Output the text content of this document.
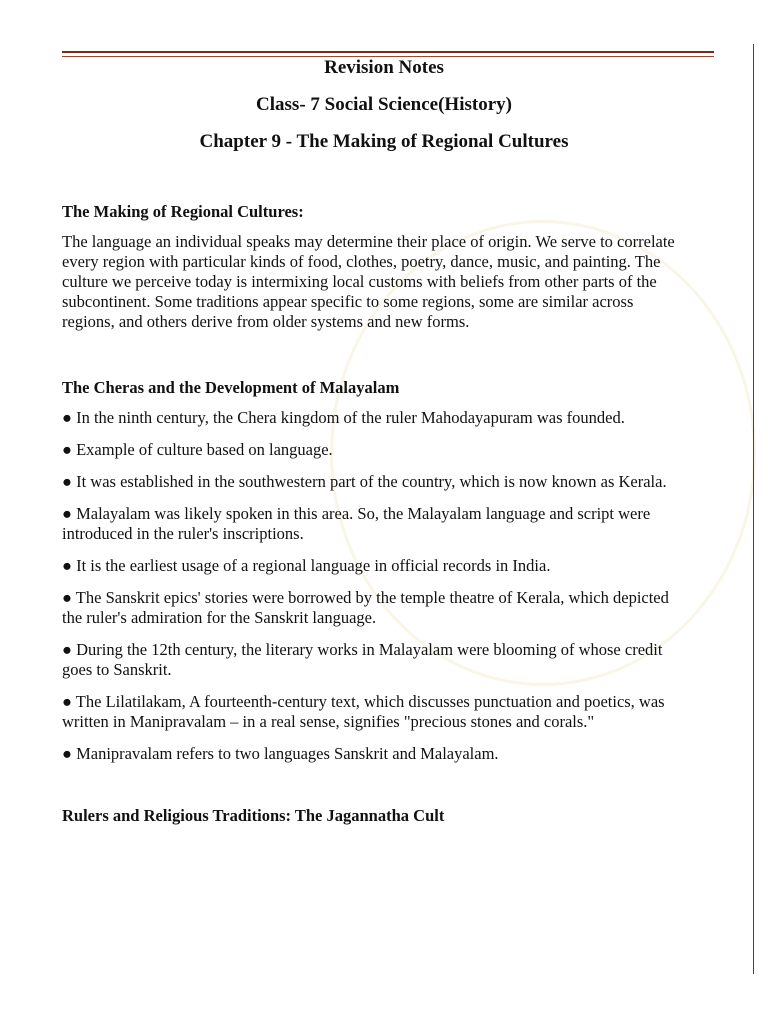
Revision Notes
Class- 7 Social Science(History)
Chapter 9 - The Making of Regional Cultures

The Making of Regional Cultures:

The language an individual speaks may determine their place of origin. We serve to correlate every region with particular kinds of food, clothes, poetry, dance, music, and painting. The culture we perceive today is intermixing local customs with beliefs from other parts of the subcontinent. Some traditions appear specific to some regions, some are similar across regions, and others derive from older systems and new forms.

The Cheras and the Development of Malayalam

● In the ninth century, the Chera kingdom of the ruler Mahodayapuram was founded.

● Example of culture based on language.

● It was established in the southwestern part of the country, which is now known as Kerala.

● Malayalam was likely spoken in this area. So, the Malayalam language and script were introduced in the ruler's inscriptions.

● It is the earliest usage of a regional language in official records in India.

● The Sanskrit epics' stories were borrowed by the temple theatre of Kerala, which depicted the ruler's admiration for the Sanskrit language.

● During the 12th century, the literary works in Malayalam were blooming of whose credit goes to Sanskrit.

● The Lilatilakam, A fourteenth-century text, which discusses punctuation and poetics, was written in Manipravalam – in a real sense, signifies "precious stones and corals."

● Manipravalam refers to two languages Sanskrit and Malayalam.

Rulers and Religious Traditions: The Jagannatha Cult
